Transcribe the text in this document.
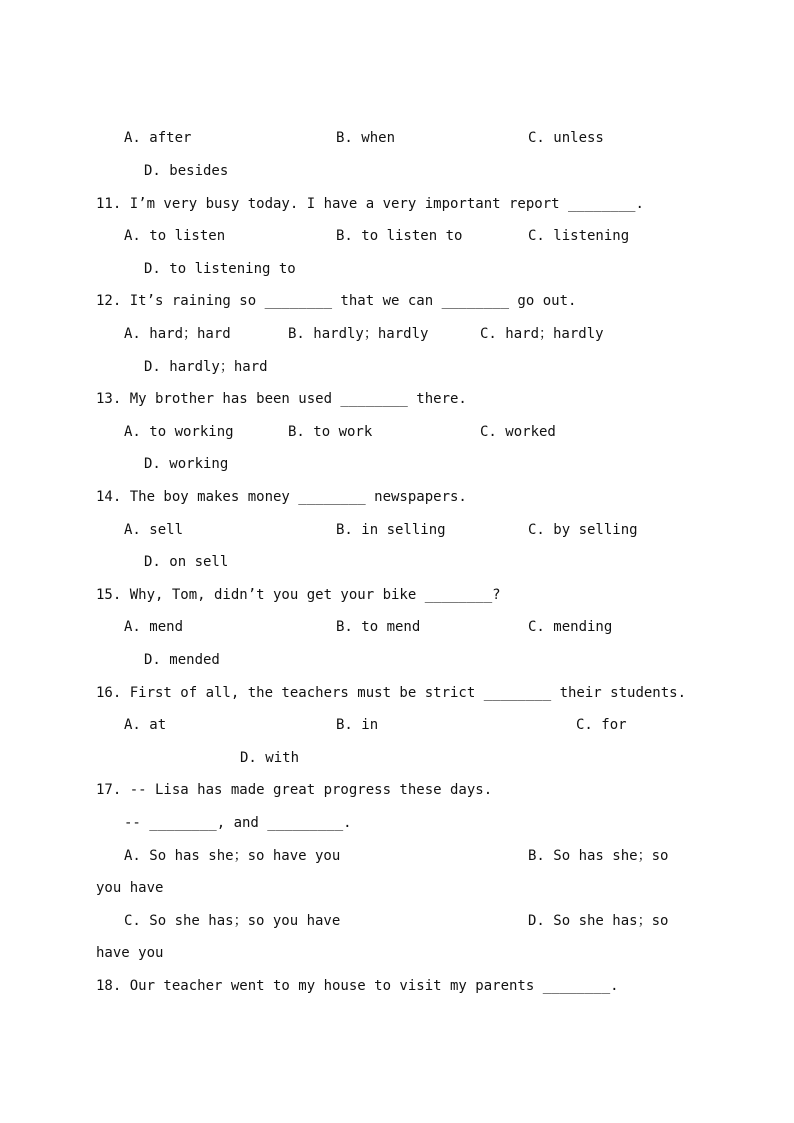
A. after	B. when	C. unless
D. besides
11. I’m very busy today. I have a very important report ________.
A. to listen	B. to listen to	C. listening
D. to listening to
12. It’s raining so ________ that we can ________ go out.
A. hard；hard	B. hardly；hardly	C. hard；hardly
D. hardly；hard
13. My brother has been used ________ there.
A. to working	B. to work	C. worked
D. working
14. The boy makes money ________ newspapers.
A. sell	B. in selling	C. by selling
D. on sell
15. Why, Tom, didn’t you get your bike ________?
A. mend	B. to mend	C. mending
D. mended
16. First of all, the teachers must be strict ________ their students.
A. at	B. in	C. for
D. with
17. -- Lisa has made great progress these days.
-- ________, and _________.
A. So has she；so have you	B. So has she；so
you have
C. So she has；so you have	D. So she has；so
have you
18. Our teacher went to my house to visit my parents ________.
